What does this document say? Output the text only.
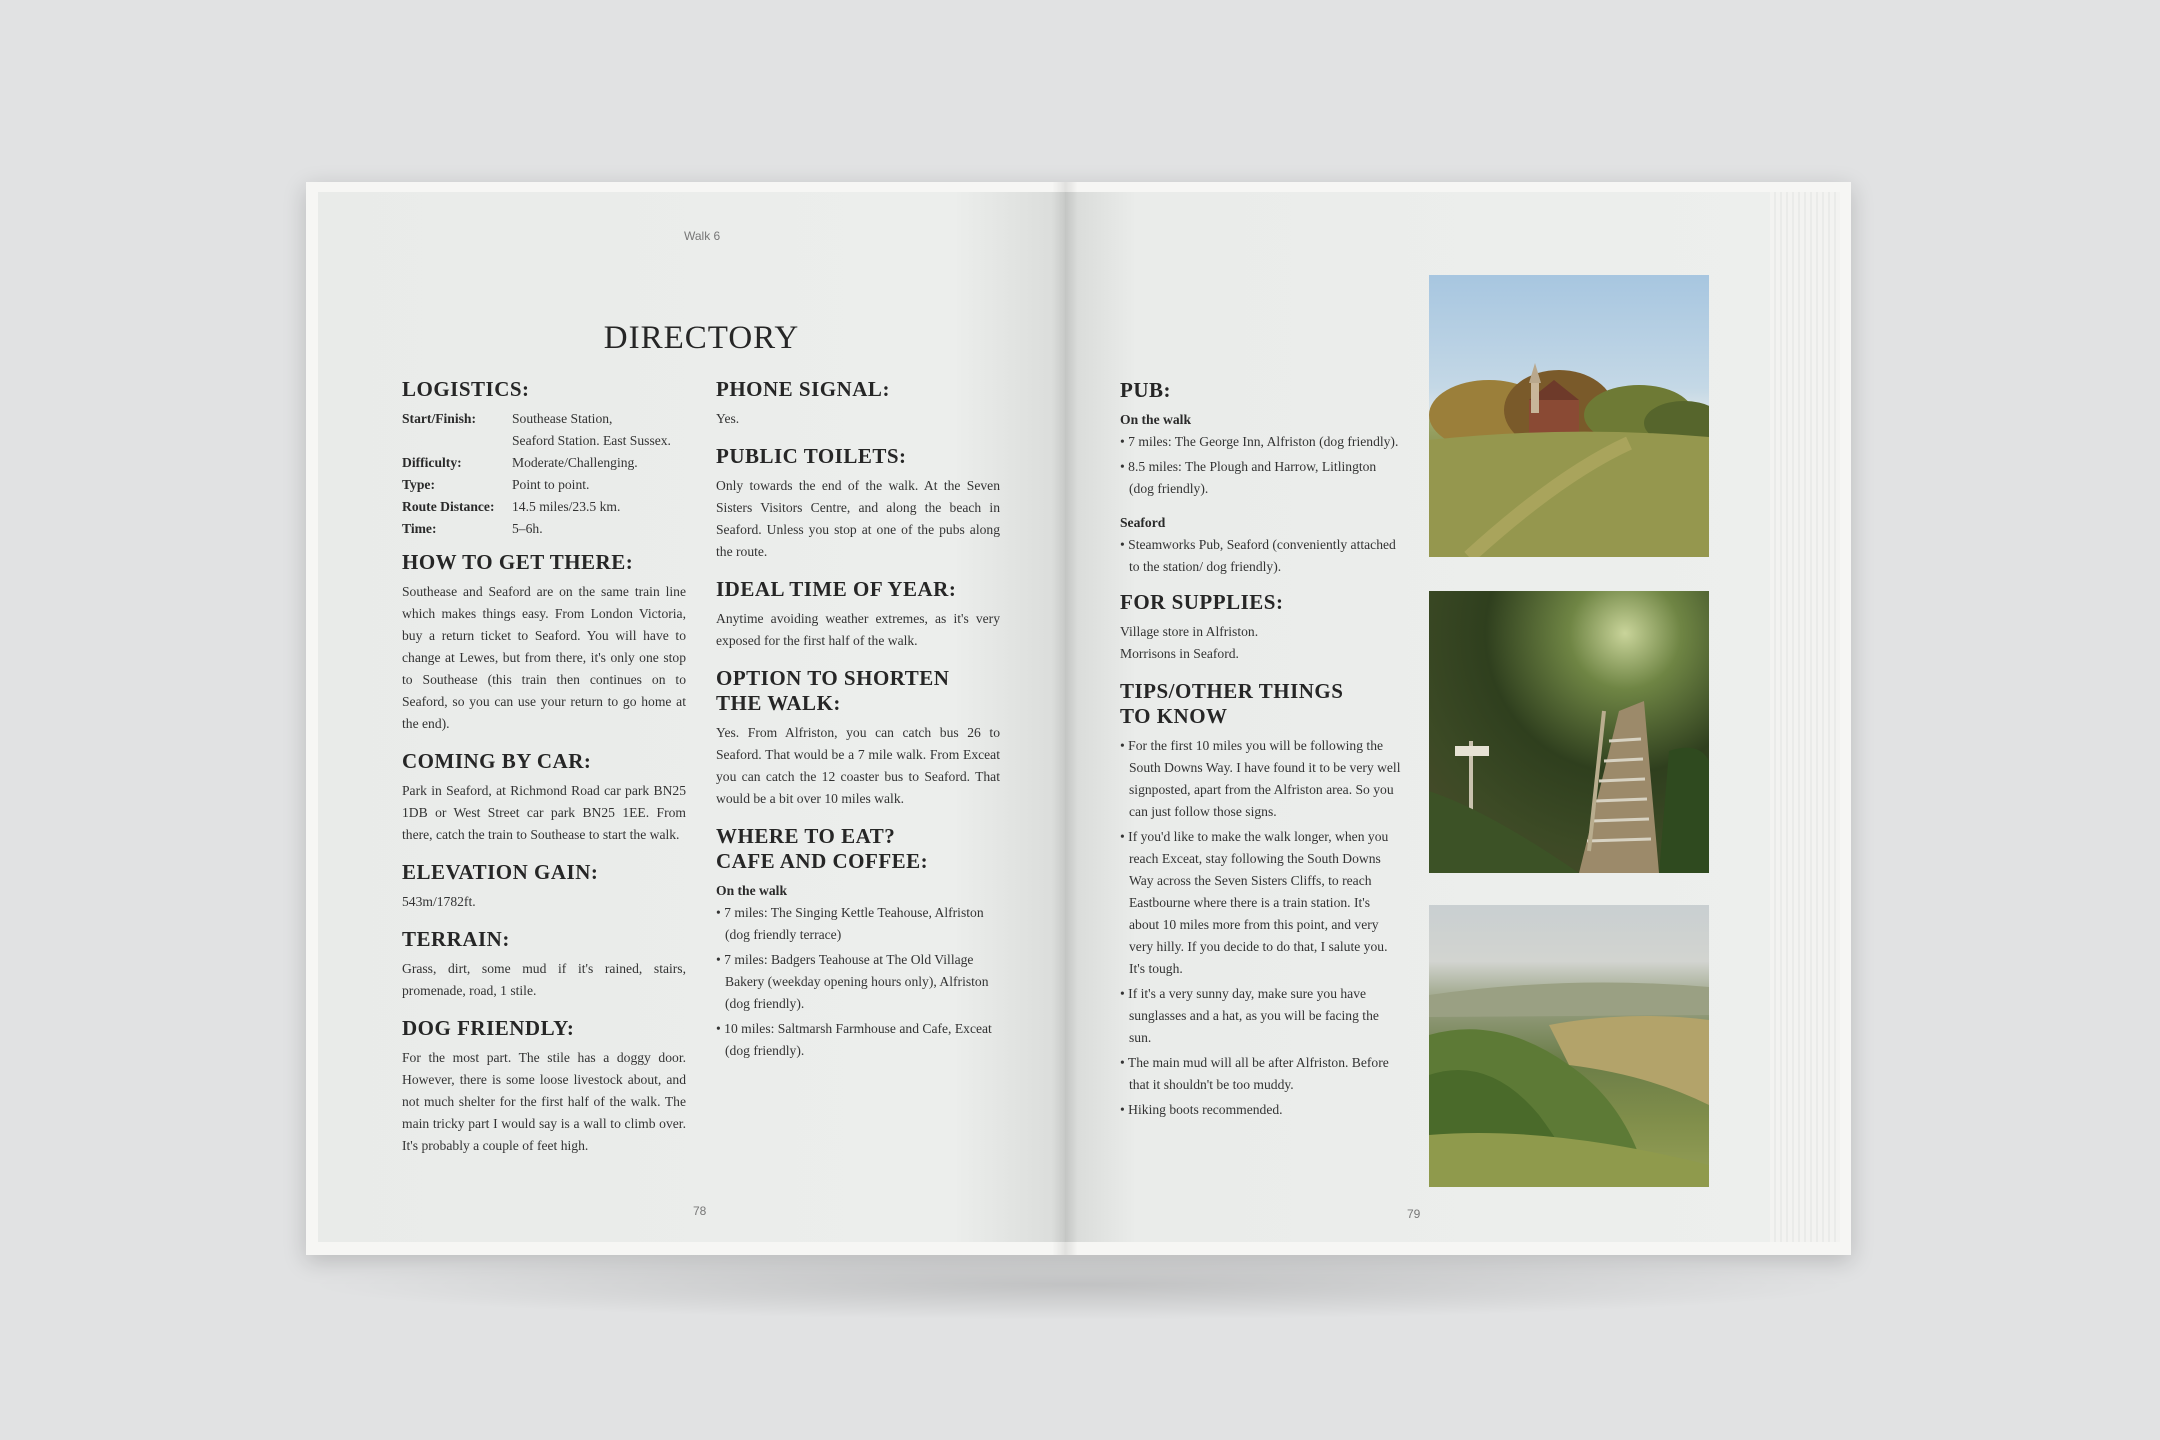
Walk 6
DIRECTORY
LOGISTICS:
Start/Finish:	Southease Station,
	Seaford Station. East Sussex.
Difficulty:	Moderate/Challenging.
Type:	Point to point.
Route Distance:	14.5 miles/23.5 km.
Time:	5–6h.
HOW TO GET THERE:

Southease and Seaford are on the same train line which makes things easy. From London Victoria, buy a return ticket to Seaford. You will have to change at Lewes, but from there, it's only one stop to Southease (this train then continues on to Seaford, so you can use your return to go home at the end).

COMING BY CAR:

Park in Seaford, at Richmond Road car park BN25 1DB or West Street car park BN25 1EE. From there, catch the train to Southease to start the walk.

ELEVATION GAIN:

543m/1782ft.

TERRAIN:

Grass, dirt, some mud if it's rained, stairs, promenade, road, 1 stile.

DOG FRIENDLY:

For the most part. The stile has a doggy door. However, there is some loose livestock about, and not much shelter for the first half of the walk. The main tricky part I would say is a wall to climb over. It's probably a couple of feet high.

PHONE SIGNAL:

Yes.

PUBLIC TOILETS:

Only towards the end of the walk. At the Seven Sisters Visitors Centre, and along the beach in Seaford. Unless you stop at one of the pubs along the route.

IDEAL TIME OF YEAR:

Anytime avoiding weather extremes, as it's very exposed for the first half of the walk.

OPTION TO SHORTEN
THE WALK:

Yes. From Alfriston, you can catch bus 26 to Seaford. That would be a 7 mile walk. From Exceat you can catch the 12 coaster bus to Seaford. That would be a bit over 10 miles walk.

WHERE TO EAT?
CAFE AND COFFEE:
On the walk
• 7 miles: The Singing Kettle Teahouse, Alfriston (dog friendly terrace)
• 7 miles: Badgers Teahouse at The Old Village Bakery (weekday opening hours only), Alfriston (dog friendly).
• 10 miles: Saltmarsh Farmhouse and Cafe, Exceat (dog friendly).
78
PUB:
On the walk
• 7 miles: The George Inn, Alfriston (dog friendly).
• 8.5 miles: The Plough and Harrow, Litlington (dog friendly).
Seaford
• Steamworks Pub, Seaford (conveniently attached to the station/ dog friendly).
FOR SUPPLIES:

Village store in Alfriston.
Morrisons in Seaford.

TIPS/OTHER THINGS
TO KNOW
• For the first 10 miles you will be following the South Downs Way. I have found it to be very well signposted, apart from the Alfriston area. So you can just follow those signs.
• If you'd like to make the walk longer, when you reach Exceat, stay following the South Downs Way across the Seven Sisters Cliffs, to reach Eastbourne where there is a train station. It's about 10 miles more from this point, and very very hilly. If you decide to do that, I salute you. It's tough.
• If it's a very sunny day, make sure you have sunglasses and a hat, as you will be facing the sun.
• The main mud will all be after Alfriston. Before that it shouldn't be too muddy.
• Hiking boots recommended.
79
